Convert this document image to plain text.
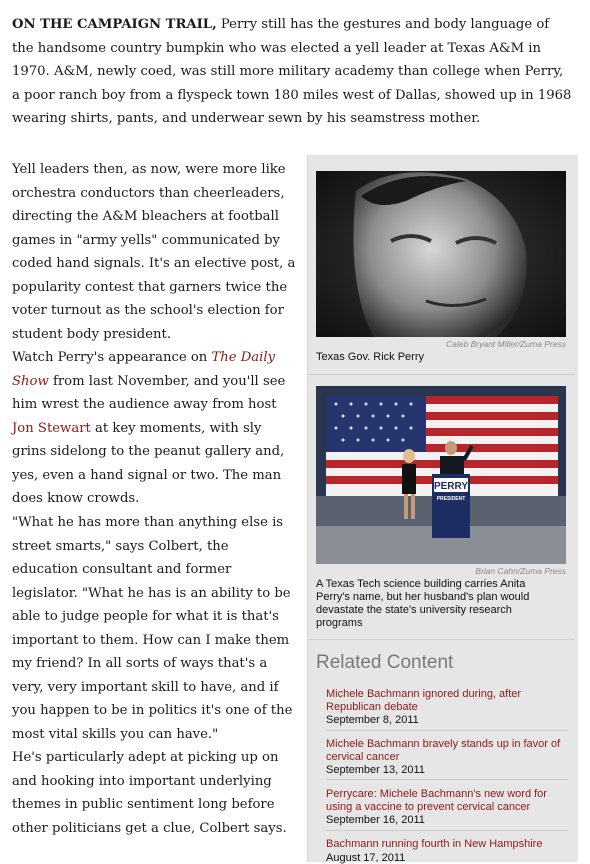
ON THE CAMPAIGN TRAIL, Perry still has the gestures and body language of the handsome country bumpkin who was elected a yell leader at Texas A&M in 1970. A&M, newly coed, was still more military academy than college when Perry, a poor ranch boy from a flyspeck town 180 miles west of Dallas, showed up in 1968 wearing shirts, pants, and underwear sewn by his seamstress mother.

Yell leaders then, as now, were more like orchestra conductors than cheerleaders, directing the A&M bleachers at football games in "army yells" communicated by coded hand signals. It's an elective post, a popularity contest that garners twice the voter turnout as the school's election for student body president.

Watch Perry's appearance on The Daily Show from last November, and you'll see him wrest the audience away from host Jon Stewart at key moments, with sly grins sidelong to the peanut gallery and, yes, even a hand signal or two. The man does know crowds.

"What he has more than anything else is street smarts," says Colbert, the education consultant and former legislator. "What he has is an ability to be able to judge people for what it is that's important to them. How can I make them my friend? In all sorts of ways that's a very, very important skill to have, and if you happen to be in politics it's one of the most vital skills you can have."

He's particularly adept at picking up on and hooking into important underlying themes in public sentiment long before other politicians get a clue, Colbert says.

Caleb Bryant Miller/Zuma Press
Texas Gov. Rick Perry
PERRY
PRESIDENT
Brian Cahn/Zuma Press
A Texas Tech science building carries Anita Perry's name, but her husband's plan would devastate the state's university research programs
Related Content
Michele Bachmann ignored during, after Republican debate
September 8, 2011
Michele Bachmann bravely stands up in favor of cervical cancer
September 13, 2011
Perrycare: Michele Bachmann's new word for using a vaccine to prevent cervical cancer
September 16, 2011
Bachmann running fourth in New Hampshire
August 17, 2011
